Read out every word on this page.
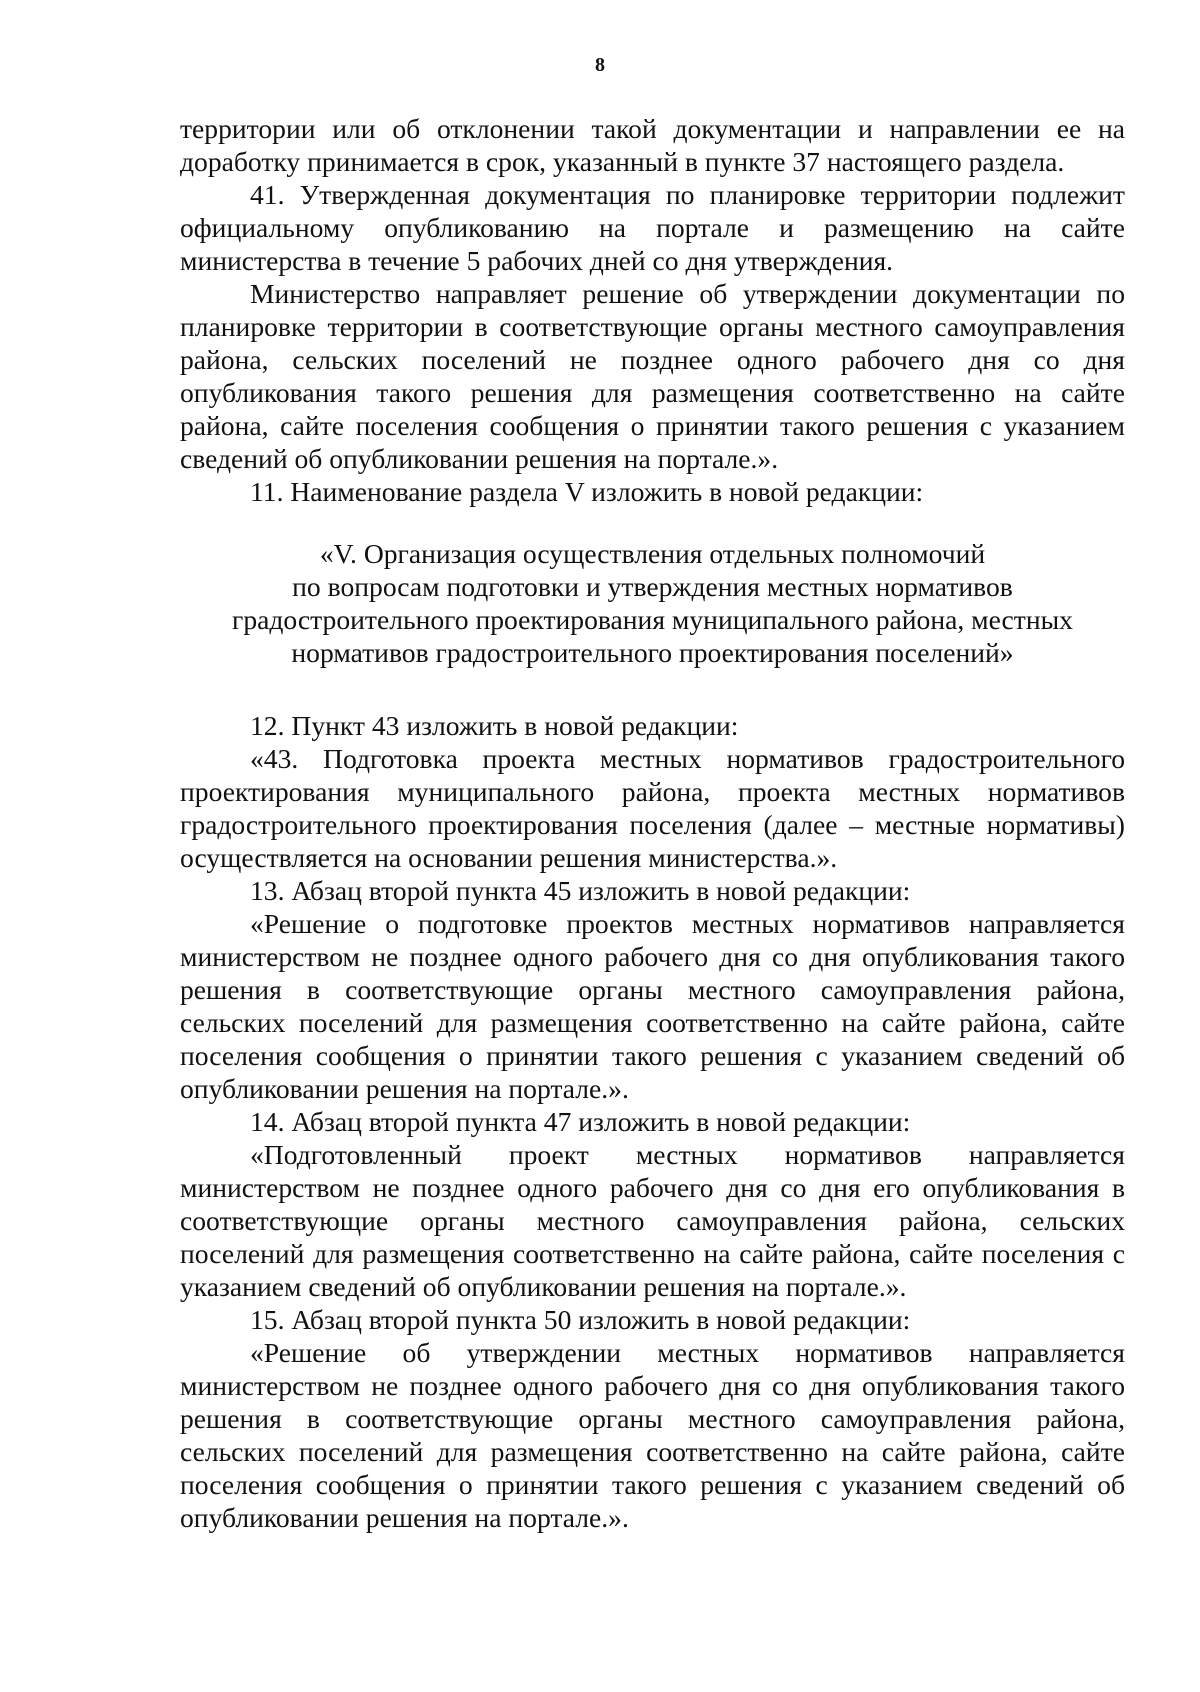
8

территории или об отклонении такой документации и направлении ее на доработку принимается в срок, указанный в пункте 37 настоящего раздела.

41. Утвержденная документация по планировке территории подлежит официальному опубликованию на портале и размещению на сайте министерства в течение 5 рабочих дней со дня утверждения.

Министерство направляет решение об утверждении документации по планировке территории в соответствующие органы местного самоуправления района, сельских поселений не позднее одного рабочего дня со дня опубликования такого решения для размещения соответственно на сайте района, сайте поселения сообщения о принятии такого решения с указанием сведений об опубликовании решения на портале.».

11. Наименование раздела V изложить в новой редакции:

«V. Организация осуществления отдельных полномочий
по вопросам подготовки и утверждения местных нормативов
градостроительного проектирования муниципального района, местных
нормативов градостроительного проектирования поселений»

12. Пункт 43 изложить в новой редакции:

«43. Подготовка проекта местных нормативов градостроительного проектирования муниципального района, проекта местных нормативов градостроительного проектирования поселения (далее – местные нормативы) осуществляется на основании решения министерства.».

13. Абзац второй пункта 45 изложить в новой редакции:

«Решение о подготовке проектов местных нормативов направляется министерством не позднее одного рабочего дня со дня опубликования такого решения в соответствующие органы местного самоуправления района, сельских поселений для размещения соответственно на сайте района, сайте поселения сообщения о принятии такого решения с указанием сведений об опубликовании решения на портале.».

14. Абзац второй пункта 47 изложить в новой редакции:

«Подготовленный проект местных нормативов направляется министерством не позднее одного рабочего дня со дня его опубликования в соответствующие органы местного самоуправления района, сельских поселений для размещения соответственно на сайте района, сайте поселения с указанием сведений об опубликовании решения на портале.».

15. Абзац второй пункта 50 изложить в новой редакции:

«Решение об утверждении местных нормативов направляется министерством не позднее одного рабочего дня со дня опубликования такого решения в соответствующие органы местного самоуправления района, сельских поселений для размещения соответственно на сайте района, сайте поселения сообщения о принятии такого решения с указанием сведений об опубликовании решения на портале.».
